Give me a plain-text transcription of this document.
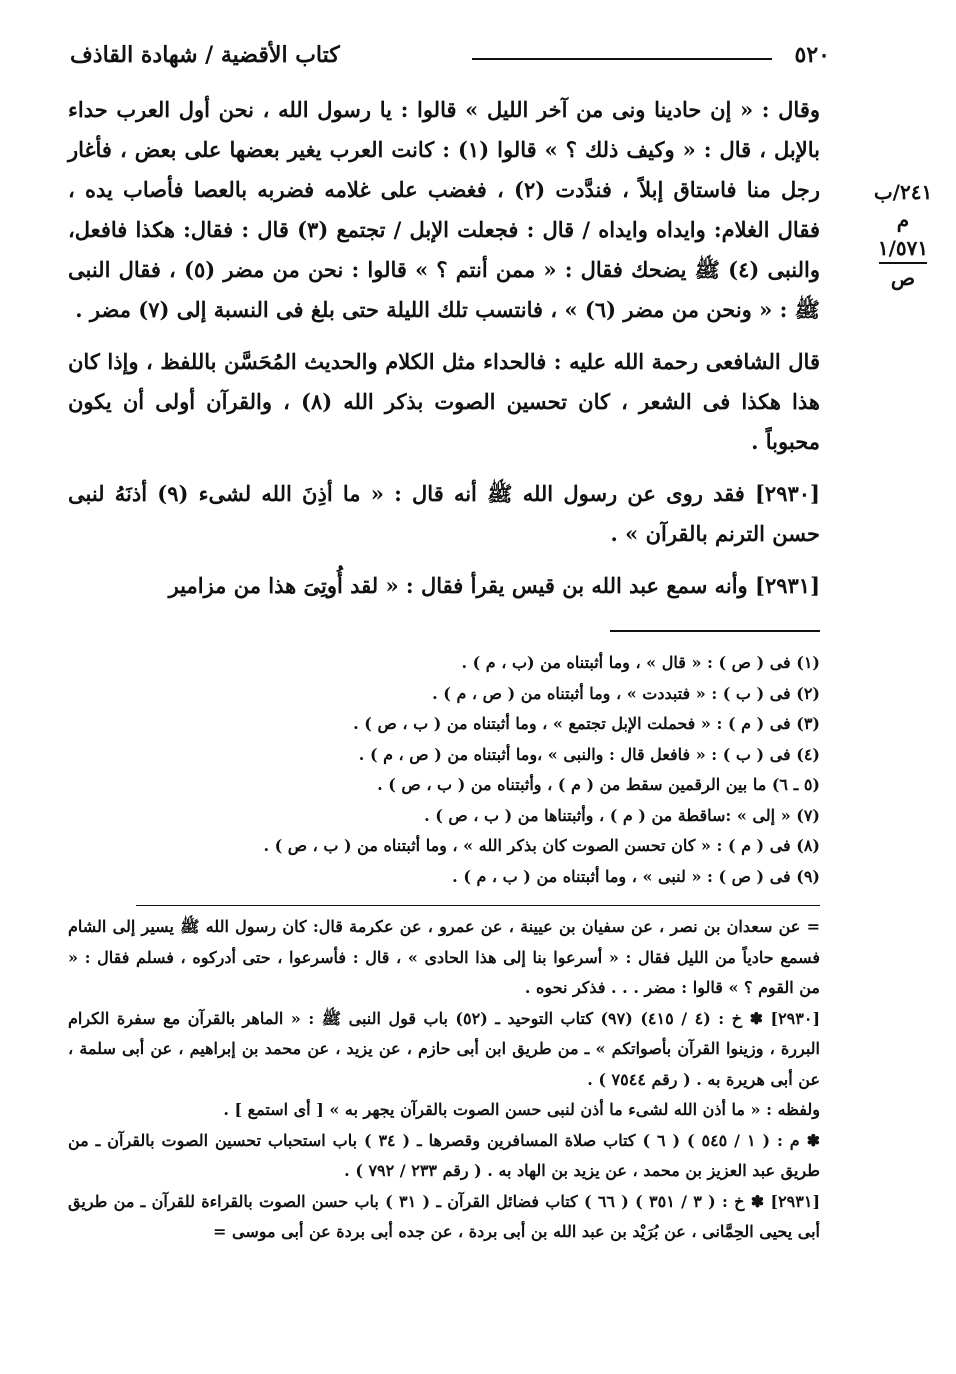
٥٢٠
كتاب الأقضية / شهادة القاذف
٢٤١/ب
م
١/٥٧١
ص

وقال : « إن حادينا ونى من آخر الليل » قالوا : يا رسول الله ، نحن أول العرب حداء بالإبل ، قال : « وكيف ذلك ؟ » قالوا (١) : كانت العرب يغير بعضها على بعض ، فأغار رجل منا فاستاق إبلاً ، فندَّدت (٢) ، فغضب على غلامه فضربه بالعصا فأصاب يده ، فقال الغلام: وايداه وايداه / قال : فجعلت الإبل / تجتمع (٣) قال : فقال: هكذا فافعل، والنبى (٤) ﷺ يضحك فقال : « ممن أنتم ؟ » قالوا : نحن من مضر (٥) ، فقال النبى ﷺ : « ونحن من مضر (٦) » ، فانتسب تلك الليلة حتى بلغ فى النسبة إلى (٧) مضر .

قال الشافعى رحمة الله عليه : فالحداء مثل الكلام والحديث المُحَسَّن باللفظ ، وإذا كان هذا هكذا فى الشعر ، كان تحسين الصوت بذكر الله (٨) ، والقرآن أولى أن يكون محبوباً .

[٢٩٣٠] فقد روى عن رسول الله ﷺ أنه قال : « ما أذِنَ الله لشىء (٩) أذنَهُ لنبى حسن الترنم بالقرآن » .

[٢٩٣١] وأنه سمع عبد الله بن قيس يقرأ فقال : « لقد أُوتِىَ هذا من مزامير

(١) فى ( ص ) : « قال » ، وما أثبتناه من (ب ، م ) .
(٢) فى ( ب ) : « فتبددت » ، وما أثبتناه من ( ص ، م ) .
(٣) فى ( م ) : « فحملت الإبل تجتمع » ، وما أثبتناه من ( ب ، ص ) .
(٤) فى ( ب ) : « فافعل قال : والنبى » ،وما أثبتناه من ( ص ، م ) .
(٥ ـ ٦) ما بين الرقمين سقط من ( م ) ، وأثبتناه من ( ب ، ص ) .
(٧) « إلى » :ساقطة من ( م ) ، وأثبتناها من ( ب ، ص ) .
(٨) فى ( م ) : « كان تحسن الصوت كان بذكر الله » ، وما أثبتناه من ( ب ، ص ) .
(٩) فى ( ص ) : « لنبى » ، وما أثبتناه من ( ب ، م ) .

= عن سعدان بن نصر ، عن سفيان بن عيينة ، عن عمرو ، عن عكرمة قال: كان رسول الله ﷺ يسير إلى الشام فسمع حادياً من الليل فقال : « أسرعوا بنا إلى هذا الحادى » ، قال : فأسرعوا ، حتى أدركوه ، فسلم فقال : « من القوم ؟ » قالوا : مضر . . . فذكر نحوه .

[٢٩٣٠] ✽ خ : (٤ / ٤١٥) (٩٧) كتاب التوحيد ـ (٥٢) باب قول النبى ﷺ : « الماهر بالقرآن مع سفرة الكرام البررة ، وزينوا القرآن بأصواتكم » ـ من طريق ابن أبى حازم ، عن يزيد ، عن محمد بن إبراهيم ، عن أبى سلمة ، عن أبى هريرة به . ( رقم ٧٥٤٤ ) .

ولفظه : « ما أذن الله لشىء ما أذن لنبى حسن الصوت بالقرآن يجهر به » [ أى استمع ] .

✽ م : ( ١ / ٥٤٥ ) ( ٦ ) كتاب صلاة المسافرين وقصرها ـ ( ٣٤ ) باب استحباب تحسين الصوت بالقرآن ـ من طريق عبد العزيز بن محمد ، عن يزيد بن الهاد به . ( رقم ٢٣٣ / ٧٩٢ ) .

[٢٩٣١] ✽ خ : ( ٣ / ٣٥١ ) ( ٦٦ ) كتاب فضائل القرآن ـ ( ٣١ ) باب حسن الصوت بالقراءة للقرآن ـ من طريق أبى يحيى الحِمَّانى ، عن بُرَيْد بن عبد الله بن أبى بردة ، عن جده أبى بردة عن أبى موسى =
